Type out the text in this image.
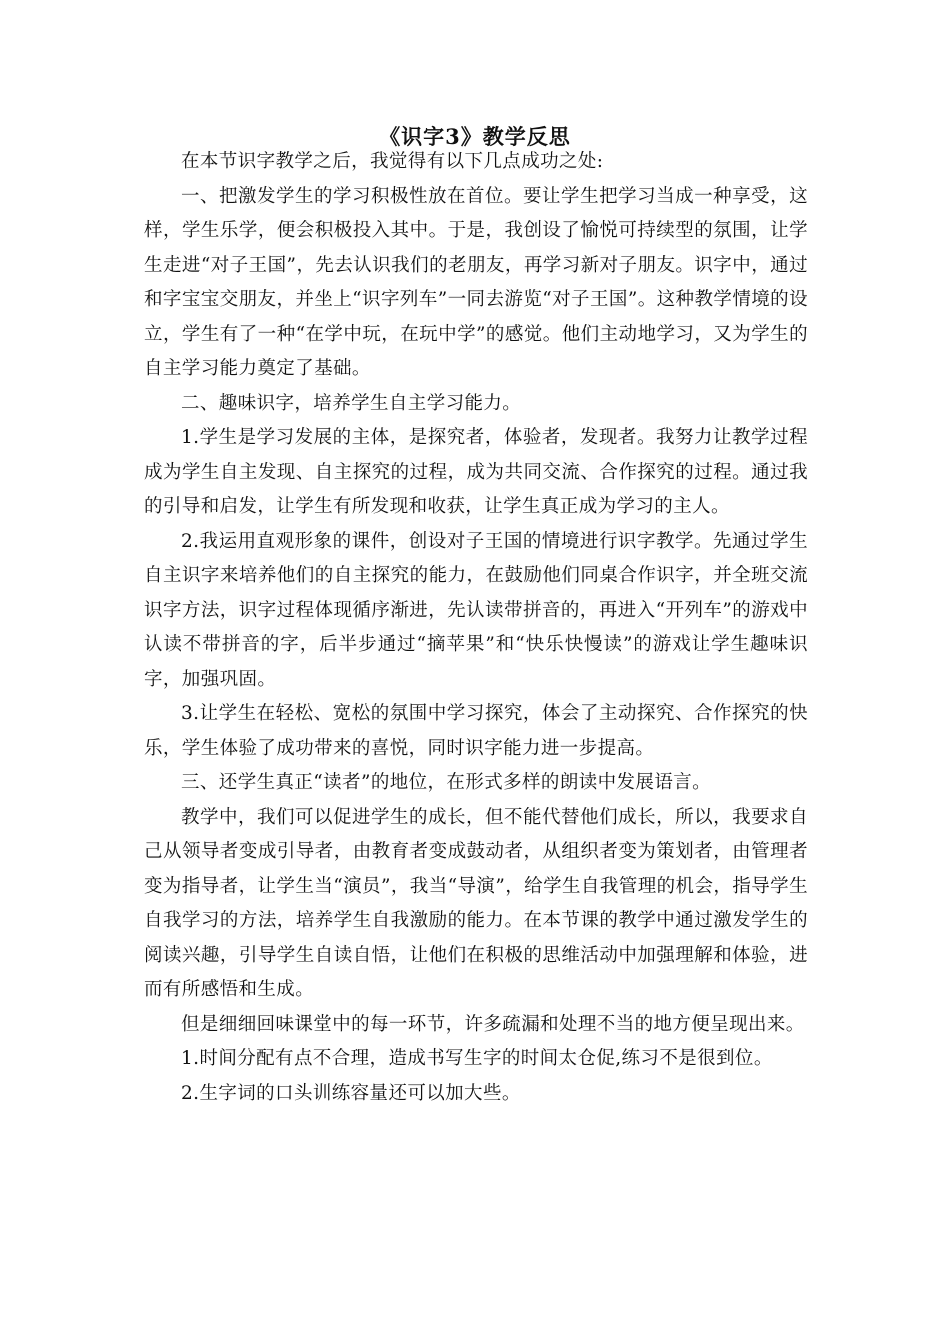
《识字3》教学反思

在本节识字教学之后，我觉得有以下几点成功之处:

一、把激发学生的学习积极性放在首位。要让学生把学习当成一种享受，这样，学生乐学，便会积极投入其中。于是，我创设了愉悦可持续型的氛围，让学生走进“对子王国”，先去认识我们的老朋友，再学习新对子朋友。识字中，通过和字宝宝交朋友，并坐上“识字列车”一同去游览“对子王国”。这种教学情境的设立，学生有了一种“在学中玩，在玩中学”的感觉。他们主动地学习，又为学生的自主学习能力奠定了基础。

二、趣味识字，培养学生自主学习能力。

1.学生是学习发展的主体，是探究者，体验者，发现者。我努力让教学过程成为学生自主发现、自主探究的过程，成为共同交流、合作探究的过程。通过我的引导和启发，让学生有所发现和收获，让学生真正成为学习的主人。

2.我运用直观形象的课件，创设对子王国的情境进行识字教学。先通过学生自主识字来培养他们的自主探究的能力，在鼓励他们同桌合作识字，并全班交流识字方法，识字过程体现循序渐进，先认读带拼音的，再进入“开列车”的游戏中认读不带拼音的字，后半步通过“摘苹果”和“快乐快慢读”的游戏让学生趣味识字，加强巩固。

3.让学生在轻松、宽松的氛围中学习探究，体会了主动探究、合作探究的快乐，学生体验了成功带来的喜悦，同时识字能力进一步提高。

三、还学生真正“读者”的地位，在形式多样的朗读中发展语言。

教学中，我们可以促进学生的成长，但不能代替他们成长，所以，我要求自己从领导者变成引导者，由教育者变成鼓动者，从组织者变为策划者，由管理者变为指导者，让学生当“演员”，我当“导演”，给学生自我管理的机会，指导学生自我学习的方法，培养学生自我激励的能力。在本节课的教学中通过激发学生的阅读兴趣，引导学生自读自悟，让他们在积极的思维活动中加强理解和体验，进而有所感悟和生成。

但是细细回味课堂中的每一环节，许多疏漏和处理不当的地方便呈现出来。

1.时间分配有点不合理，造成书写生字的时间太仓促,练习不是很到位。

2.生字词的口头训练容量还可以加大些。
